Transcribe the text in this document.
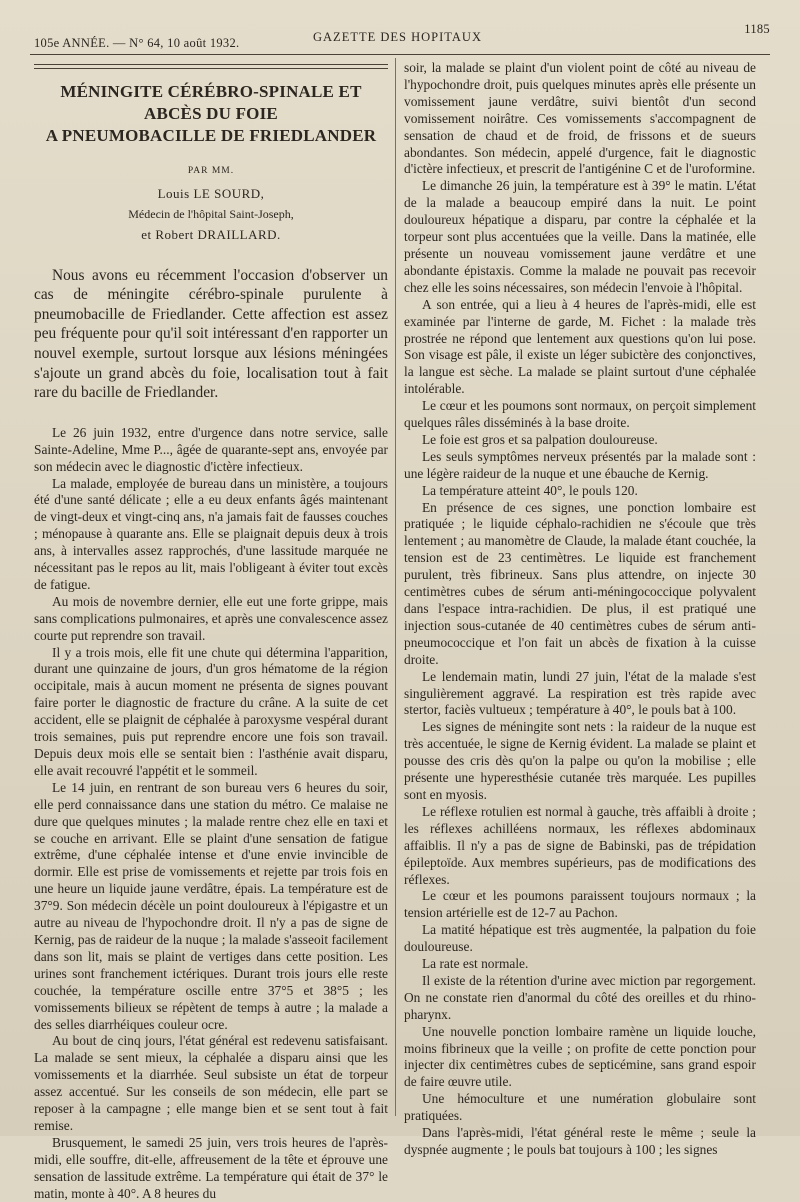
105e ANNÉE. — N° 64, 10 août 1932.	GAZETTE DES HOPITAUX
1185
MÉNINGITE CÉRÉBRO-SPINALE ET ABCÈS DU FOIE
A PNEUMOBACILLE DE FRIEDLANDER
PAR MM.
Louis LE SOURD,
Médecin de l'hôpital Saint-Joseph,
et Robert DRAILLARD.

Nous avons eu récemment l'occasion d'observer un cas de méningite cérébro-spinale purulente à pneumobacille de Friedlander. Cette affection est assez peu fréquente pour qu'il soit intéressant d'en rapporter un nouvel exemple, surtout lorsque aux lésions méningées s'ajoute un grand abcès du foie, localisation tout à fait rare du bacille de Friedlander.

Le 26 juin 1932, entre d'urgence dans notre service, salle Sainte-Adeline, Mme P..., âgée de quarante-sept ans, envoyée par son médecin avec le diagnostic d'ictère infectieux.

La malade, employée de bureau dans un ministère, a toujours été d'une santé délicate ; elle a eu deux enfants âgés maintenant de vingt-deux et vingt-cinq ans, n'a jamais fait de fausses couches ; ménopause à quarante ans. Elle se plaignait depuis deux à trois ans, à intervalles assez rapprochés, d'une lassitude marquée ne nécessitant pas le repos au lit, mais l'obligeant à éviter tout excès de fatigue.

Au mois de novembre dernier, elle eut une forte grippe, mais sans complications pulmonaires, et après une convalescence assez courte put reprendre son travail.

Il y a trois mois, elle fit une chute qui détermina l'apparition, durant une quinzaine de jours, d'un gros hématome de la région occipitale, mais à aucun moment ne présenta de signes pouvant faire porter le diagnostic de fracture du crâne. A la suite de cet accident, elle se plaignit de céphalée à paroxysme vespéral durant trois semaines, puis put reprendre encore une fois son travail. Depuis deux mois elle se sentait bien : l'asthénie avait disparu, elle avait recouvré l'appétit et le sommeil.

Le 14 juin, en rentrant de son bureau vers 6 heures du soir, elle perd connaissance dans une station du métro. Ce malaise ne dure que quelques minutes ; la malade rentre chez elle en taxi et se couche en arrivant. Elle se plaint d'une sensation de fatigue extrême, d'une céphalée intense et d'une envie invincible de dormir. Elle est prise de vomissements et rejette par trois fois en une heure un liquide jaune verdâtre, épais. La température est de 37°9. Son médecin décèle un point douloureux à l'épigastre et un autre au niveau de l'hypochondre droit. Il n'y a pas de signe de Kernig, pas de raideur de la nuque ; la malade s'asseoit facilement dans son lit, mais se plaint de vertiges dans cette position. Les urines sont franchement ictériques. Durant trois jours elle reste couchée, la température oscille entre 37°5 et 38°5 ; les vomissements bilieux se répètent de temps à autre ; la malade a des selles diarrhéiques couleur ocre.

Au bout de cinq jours, l'état général est redevenu satisfaisant. La malade se sent mieux, la céphalée a disparu ainsi que les vomissements et la diarrhée. Seul subsiste un état de torpeur assez accentué. Sur les conseils de son médecin, elle part se reposer à la campagne ; elle mange bien et se sent tout à fait remise.

Brusquement, le samedi 25 juin, vers trois heures de l'après-midi, elle souffre, dit-elle, affreusement de la tête et éprouve une sensation de lassitude extrême. La température qui était de 37° le matin, monte à 40°. A 8 heures du

soir, la malade se plaint d'un violent point de côté au niveau de l'hypochondre droit, puis quelques minutes après elle présente un vomissement jaune verdâtre, suivi bientôt d'un second vomissement noirâtre. Ces vomissements s'accompagnent de sensation de chaud et de froid, de frissons et de sueurs abondantes. Son médecin, appelé d'urgence, fait le diagnostic d'ictère infectieux, et prescrit de l'antigénine C et de l'uroformine.

Le dimanche 26 juin, la température est à 39° le matin. L'état de la malade a beaucoup empiré dans la nuit. Le point douloureux hépatique a disparu, par contre la céphalée et la torpeur sont plus accentuées que la veille. Dans la matinée, elle présente un nouveau vomissement jaune verdâtre et une abondante épistaxis. Comme la malade ne pouvait pas recevoir chez elle les soins nécessaires, son médecin l'envoie à l'hôpital.

A son entrée, qui a lieu à 4 heures de l'après-midi, elle est examinée par l'interne de garde, M. Fichet : la malade très prostrée ne répond que lentement aux questions qu'on lui pose. Son visage est pâle, il existe un léger subictère des conjonctives, la langue est sèche. La malade se plaint surtout d'une céphalée intolérable.

Le cœur et les poumons sont normaux, on perçoit simplement quelques râles disséminés à la base droite.

Le foie est gros et sa palpation douloureuse.

Les seuls symptômes nerveux présentés par la malade sont : une légère raideur de la nuque et une ébauche de Kernig.

La température atteint 40°, le pouls 120.

En présence de ces signes, une ponction lombaire est pratiquée ; le liquide céphalo-rachidien ne s'écoule que très lentement ; au manomètre de Claude, la malade étant couchée, la tension est de 23 centimètres. Le liquide est franchement purulent, très fibrineux. Sans plus attendre, on injecte 30 centimètres cubes de sérum anti-méningococcique polyvalent dans l'espace intra-rachidien. De plus, il est pratiqué une injection sous-cutanée de 40 centimètres cubes de sérum anti-pneumococcique et l'on fait un abcès de fixation à la cuisse droite.

Le lendemain matin, lundi 27 juin, l'état de la malade s'est singulièrement aggravé. La respiration est très rapide avec stertor, faciès vultueux ; température à 40°, le pouls bat à 100.

Les signes de méningite sont nets : la raideur de la nuque est très accentuée, le signe de Kernig évident. La malade se plaint et pousse des cris dès qu'on la palpe ou qu'on la mobilise ; elle présente une hyperesthésie cutanée très marquée. Les pupilles sont en myosis.

Le réflexe rotulien est normal à gauche, très affaibli à droite ; les réflexes achilléens normaux, les réflexes abdominaux affaiblis. Il n'y a pas de signe de Babinski, pas de trépidation épileptoïde. Aux membres supérieurs, pas de modifications des réflexes.

Le cœur et les poumons paraissent toujours normaux ; la tension artérielle est de 12-7 au Pachon.

La matité hépatique est très augmentée, la palpation du foie douloureuse.

La rate est normale.

Il existe de la rétention d'urine avec miction par regorgement. On ne constate rien d'anormal du côté des oreilles et du rhino-pharynx.

Une nouvelle ponction lombaire ramène un liquide louche, moins fibrineux que la veille ; on profite de cette ponction pour injecter dix centimètres cubes de septicémine, sans grand espoir de faire œuvre utile.

Une hémoculture et une numération globulaire sont pratiquées.

Dans l'après-midi, l'état général reste le même ; seule la dyspnée augmente ; le pouls bat toujours à 100 ; les signes
